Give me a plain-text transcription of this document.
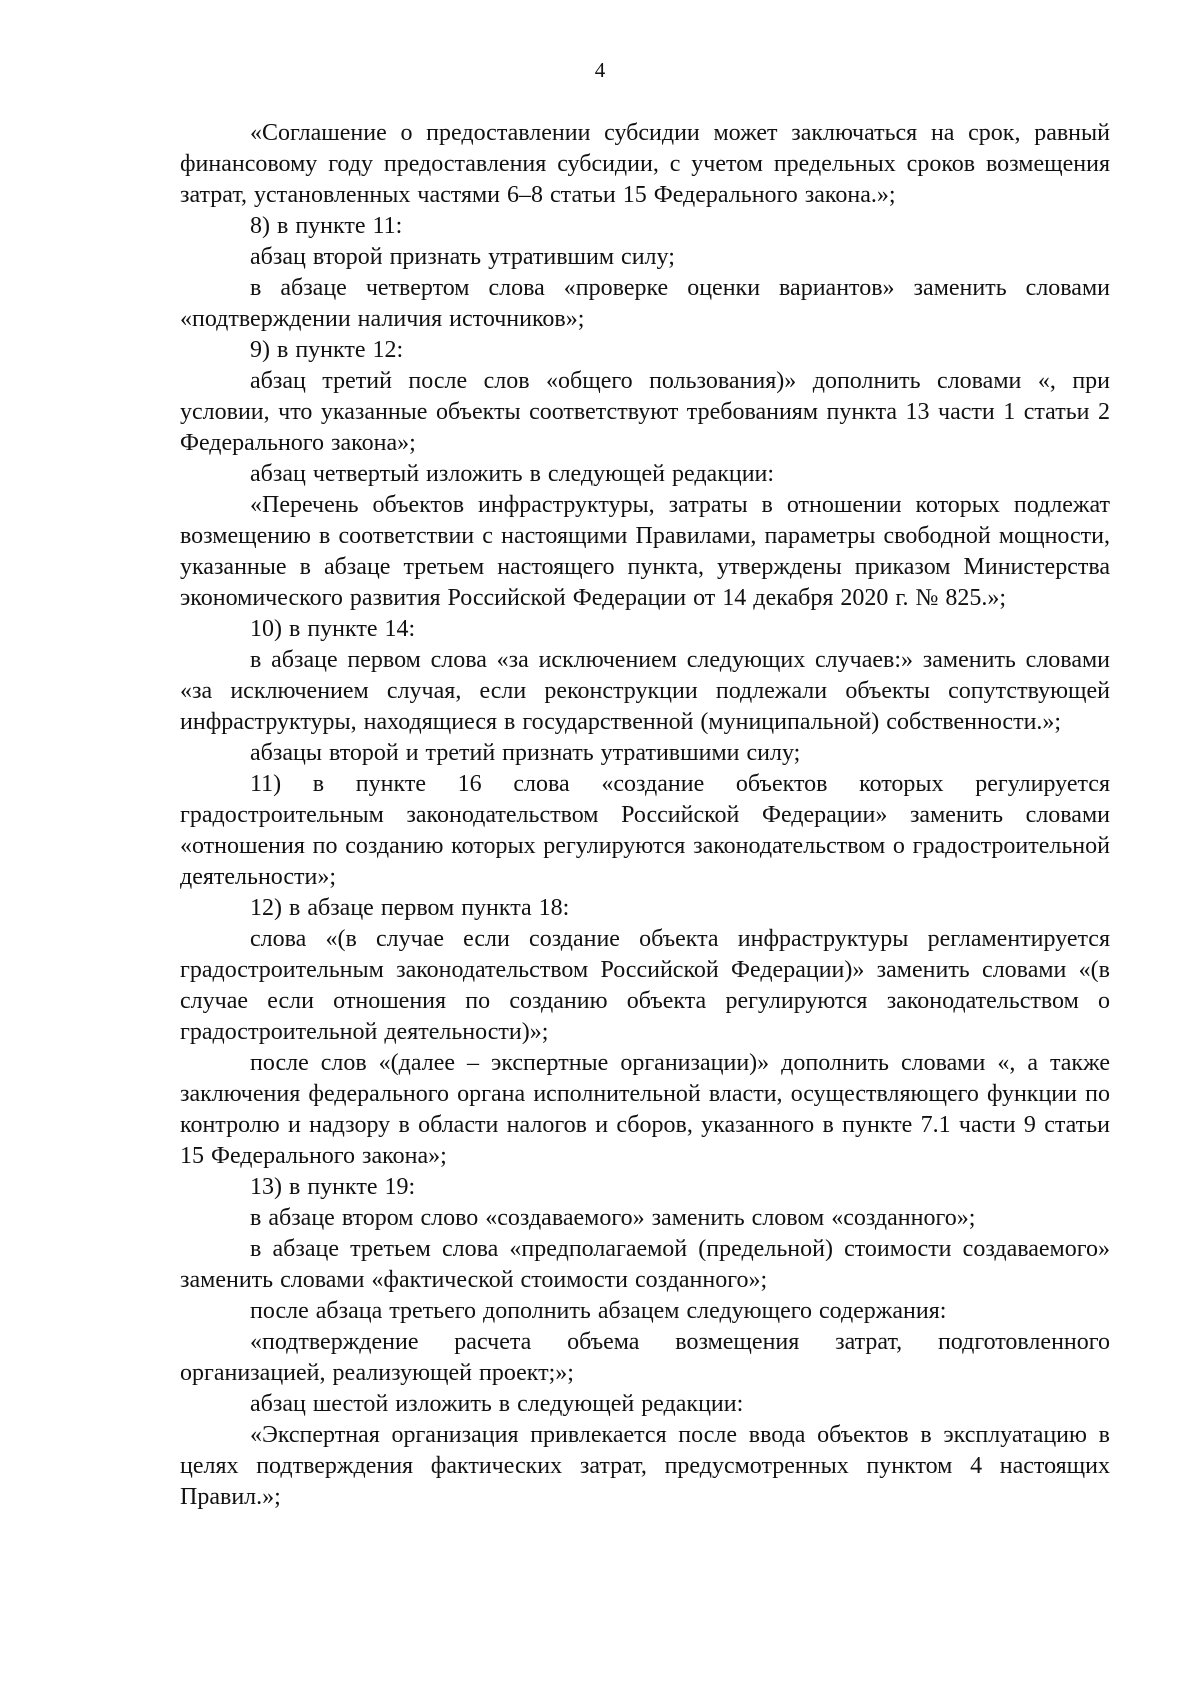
4

«Соглашение о предоставлении субсидии может заключаться на срок, равный финансовому году предоставления субсидии, с учетом предельных сроков возмещения затрат, установленных частями 6–8 статьи 15 Федерального закона.»;

8) в пункте 11:

абзац второй признать утратившим силу;

в абзаце четвертом слова «проверке оценки вариантов» заменить словами «подтверждении наличия источников»;

9) в пункте 12:

абзац третий после слов «общего пользования)» дополнить словами «, при условии, что указанные объекты соответствуют требованиям пункта 13 части 1 статьи 2 Федерального закона»;

абзац четвертый изложить в следующей редакции:

«Перечень объектов инфраструктуры, затраты в отношении которых подлежат возмещению в соответствии с настоящими Правилами, параметры свободной мощности, указанные в абзаце третьем настоящего пункта, утверждены приказом Министерства экономического развития Российской Федерации от 14 декабря 2020 г. № 825.»;

10) в пункте 14:

в абзаце первом слова «за исключением следующих случаев:» заменить словами «за исключением случая, если реконструкции подлежали объекты сопутствующей инфраструктуры, находящиеся в государственной (муниципальной) собственности.»;

абзацы второй и третий признать утратившими силу;

11) в пункте 16 слова «создание объектов которых регулируется градостроительным законодательством Российской Федерации» заменить словами «отношения по созданию которых регулируются законодательством о градостроительной деятельности»;

12) в абзаце первом пункта 18:

слова «(в случае если создание объекта инфраструктуры регламентируется градостроительным законодательством Российской Федерации)» заменить словами «(в случае если отношения по созданию объекта регулируются законодательством о градостроительной деятельности)»;

после слов «(далее – экспертные организации)» дополнить словами «, а также заключения федерального органа исполнительной власти, осуществляющего функции по контролю и надзору в области налогов и сборов, указанного в пункте 7.1 части 9 статьи 15 Федерального закона»;

13) в пункте 19:

в абзаце втором слово «создаваемого» заменить словом «созданного»;

в абзаце третьем слова «предполагаемой (предельной) стоимости создаваемого» заменить словами «фактической стоимости созданного»;

после абзаца третьего дополнить абзацем следующего содержания:

«подтверждение расчета объема возмещения затрат, подготовленного организацией, реализующей проект;»;

абзац шестой изложить в следующей редакции:

«Экспертная организация привлекается после ввода объектов в эксплуатацию в целях подтверждения фактических затрат, предусмотренных пунктом 4 настоящих Правил.»;
